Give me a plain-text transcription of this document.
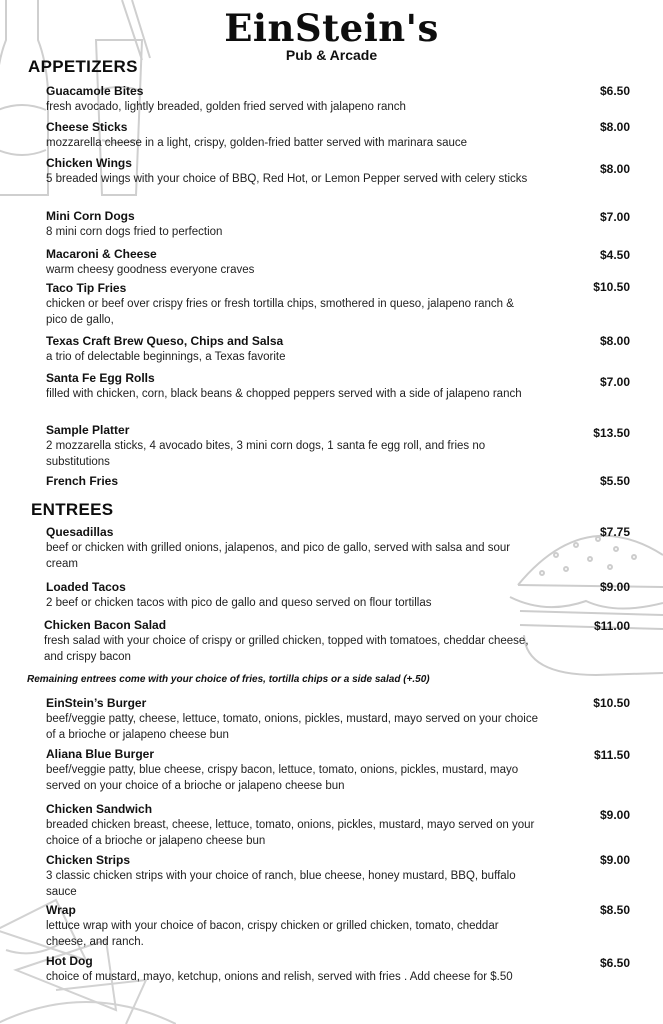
EinStein's
Pub & Arcade
APPETIZERS
Guacamole Bites
fresh avocado, lightly breaded, golden fried served with jalapeno ranch
$6.50
Cheese Sticks
mozzarella cheese in a light, crispy, golden-fried batter served with marinara sauce
$8.00
Chicken Wings
5 breaded wings with your choice of BBQ, Red Hot, or Lemon Pepper served with celery sticks
$8.00
Mini Corn Dogs
8 mini corn dogs fried to perfection
$7.00
Macaroni & Cheese
warm cheesy goodness everyone craves
$4.50
Taco Tip Fries
chicken or beef over crispy fries or fresh tortilla chips, smothered in queso, jalapeno ranch & pico de gallo,
$10.50
Texas Craft Brew Queso, Chips and Salsa
a trio of delectable beginnings, a Texas favorite
$8.00
Santa Fe Egg Rolls
filled with chicken, corn, black beans & chopped peppers served with a side of jalapeno ranch
$7.00
Sample Platter
2 mozzarella sticks, 4 avocado bites, 3 mini corn dogs, 1 santa fe egg roll, and fries no substitutions
$13.50
French Fries	$5.50
ENTREES
Quesadillas
beef or chicken with grilled onions, jalapenos, and pico de gallo, served with salsa and sour cream
$7.75
Loaded Tacos
2 beef or chicken tacos with pico de gallo and queso served on flour tortillas
$9.00
Chicken Bacon Salad
fresh salad with your choice of crispy or grilled chicken, topped with tomatoes, cheddar cheese, and crispy bacon
$11.00
Remaining entrees come with your choice of fries, tortilla chips or a side salad (+.50)
EinStein’s Burger
beef/veggie patty, cheese, lettuce, tomato, onions, pickles, mustard, mayo served on your choice of a brioche or jalapeno cheese bun
$10.50
Aliana Blue Burger
beef/veggie patty, blue cheese, crispy bacon, lettuce, tomato, onions, pickles, mustard, mayo served on your choice of a brioche or jalapeno cheese bun
$11.50
Chicken Sandwich
breaded chicken breast, cheese, lettuce, tomato, onions, pickles, mustard, mayo served on your choice of a brioche or jalapeno cheese bun
$9.00
Chicken Strips
3 classic chicken strips with your choice of ranch, blue cheese, honey mustard, BBQ, buffalo sauce
$9.00
Wrap
lettuce wrap with your choice of bacon, crispy chicken or grilled chicken, tomato, cheddar cheese, and ranch.
$8.50
Hot Dog
choice of mustard, mayo, ketchup, onions and relish, served with fries . Add cheese for $.50
$6.50
